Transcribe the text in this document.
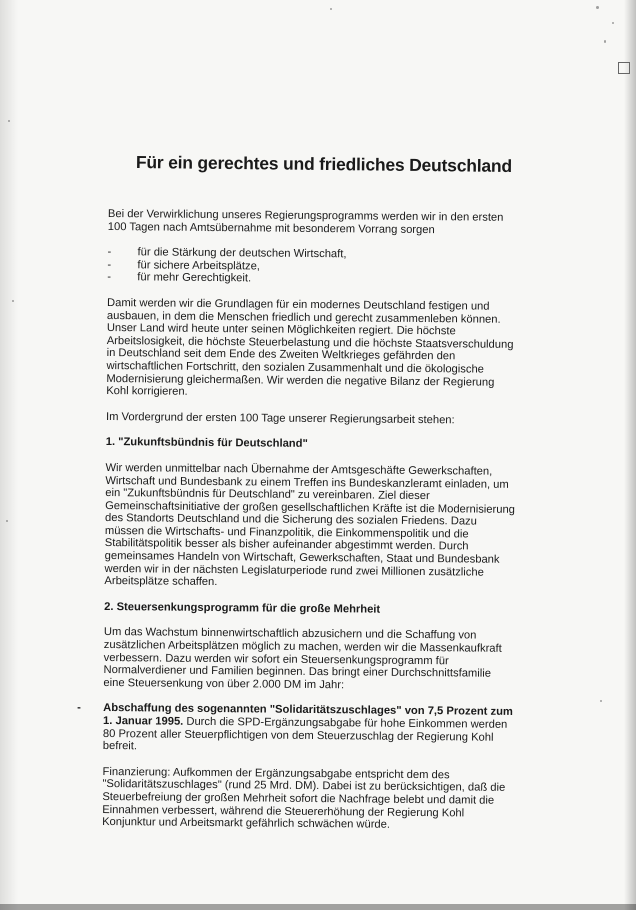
Für ein gerechtes und friedliches Deutschland

Bei der Verwirklichung unseres Regierungsprogramms werden wir in den ersten 100 Tagen nach Amtsübernahme mit besonderem Vorrang sorgen

- für die Stärkung der deutschen Wirtschaft,
- für sichere Arbeitsplätze,
- für mehr Gerechtigkeit.

Damit werden wir die Grundlagen für ein modernes Deutschland festigen und ausbauen, in dem die Menschen friedlich und gerecht zusammenleben können. Unser Land wird heute unter seinen Möglichkeiten regiert. Die höchste Arbeitslosigkeit, die höchste Steuerbelastung und die höchste Staatsverschuldung in Deutschland seit dem Ende des Zweiten Weltkrieges gefährden den wirtschaftlichen Fortschritt, den sozialen Zusammenhalt und die ökologische Modernisierung gleichermaßen. Wir werden die negative Bilanz der Regierung Kohl korrigieren.

Im Vordergrund der ersten 100 Tage unserer Regierungsarbeit stehen:

1. "Zukunftsbündnis für Deutschland"

Wir werden unmittelbar nach Übernahme der Amtsgeschäfte Gewerkschaften, Wirtschaft und Bundesbank zu einem Treffen ins Bundeskanzleramt einladen, um ein "Zukunftsbündnis für Deutschland" zu vereinbaren. Ziel dieser Gemeinschaftsinitiative der großen gesellschaftlichen Kräfte ist die Modernisierung des Standorts Deutschland und die Sicherung des sozialen Friedens. Dazu müssen die Wirtschafts- und Finanzpolitik, die Einkommenspolitik und die Stabilitätspolitik besser als bisher aufeinander abgestimmt werden. Durch gemeinsames Handeln von Wirtschaft, Gewerkschaften, Staat und Bundesbank werden wir in der nächsten Legislaturperiode rund zwei Millionen zusätzliche Arbeitsplätze schaffen.

2. Steuersenkungsprogramm für die große Mehrheit

Um das Wachstum binnenwirtschaftlich abzusichern und die Schaffung von zusätzlichen Arbeitsplätzen möglich zu machen, werden wir die Massenkaufkraft verbessern. Dazu werden wir sofort ein Steuersenkungsprogramm für Normalverdiener und Familien beginnen. Das bringt einer Durchschnittsfamilie eine Steuersenkung von über 2.000 DM im Jahr:

- Abschaffung des sogenannten "Solidaritätszuschlages" von 7,5 Prozent zum 1. Januar 1995. Durch die SPD-Ergänzungsabgabe für hohe Einkommen werden 80 Prozent aller Steuerpflichtigen von dem Steuerzuschlag der Regierung Kohl befreit.

Finanzierung: Aufkommen der Ergänzungsabgabe entspricht dem des "Solidaritätszuschlages" (rund 25 Mrd. DM). Dabei ist zu berücksichtigen, daß die Steuerbefreiung der großen Mehrheit sofort die Nachfrage belebt und damit die Einnahmen verbessert, während die Steuererhöhung der Regierung Kohl Konjunktur und Arbeitsmarkt gefährlich schwächen würde.
